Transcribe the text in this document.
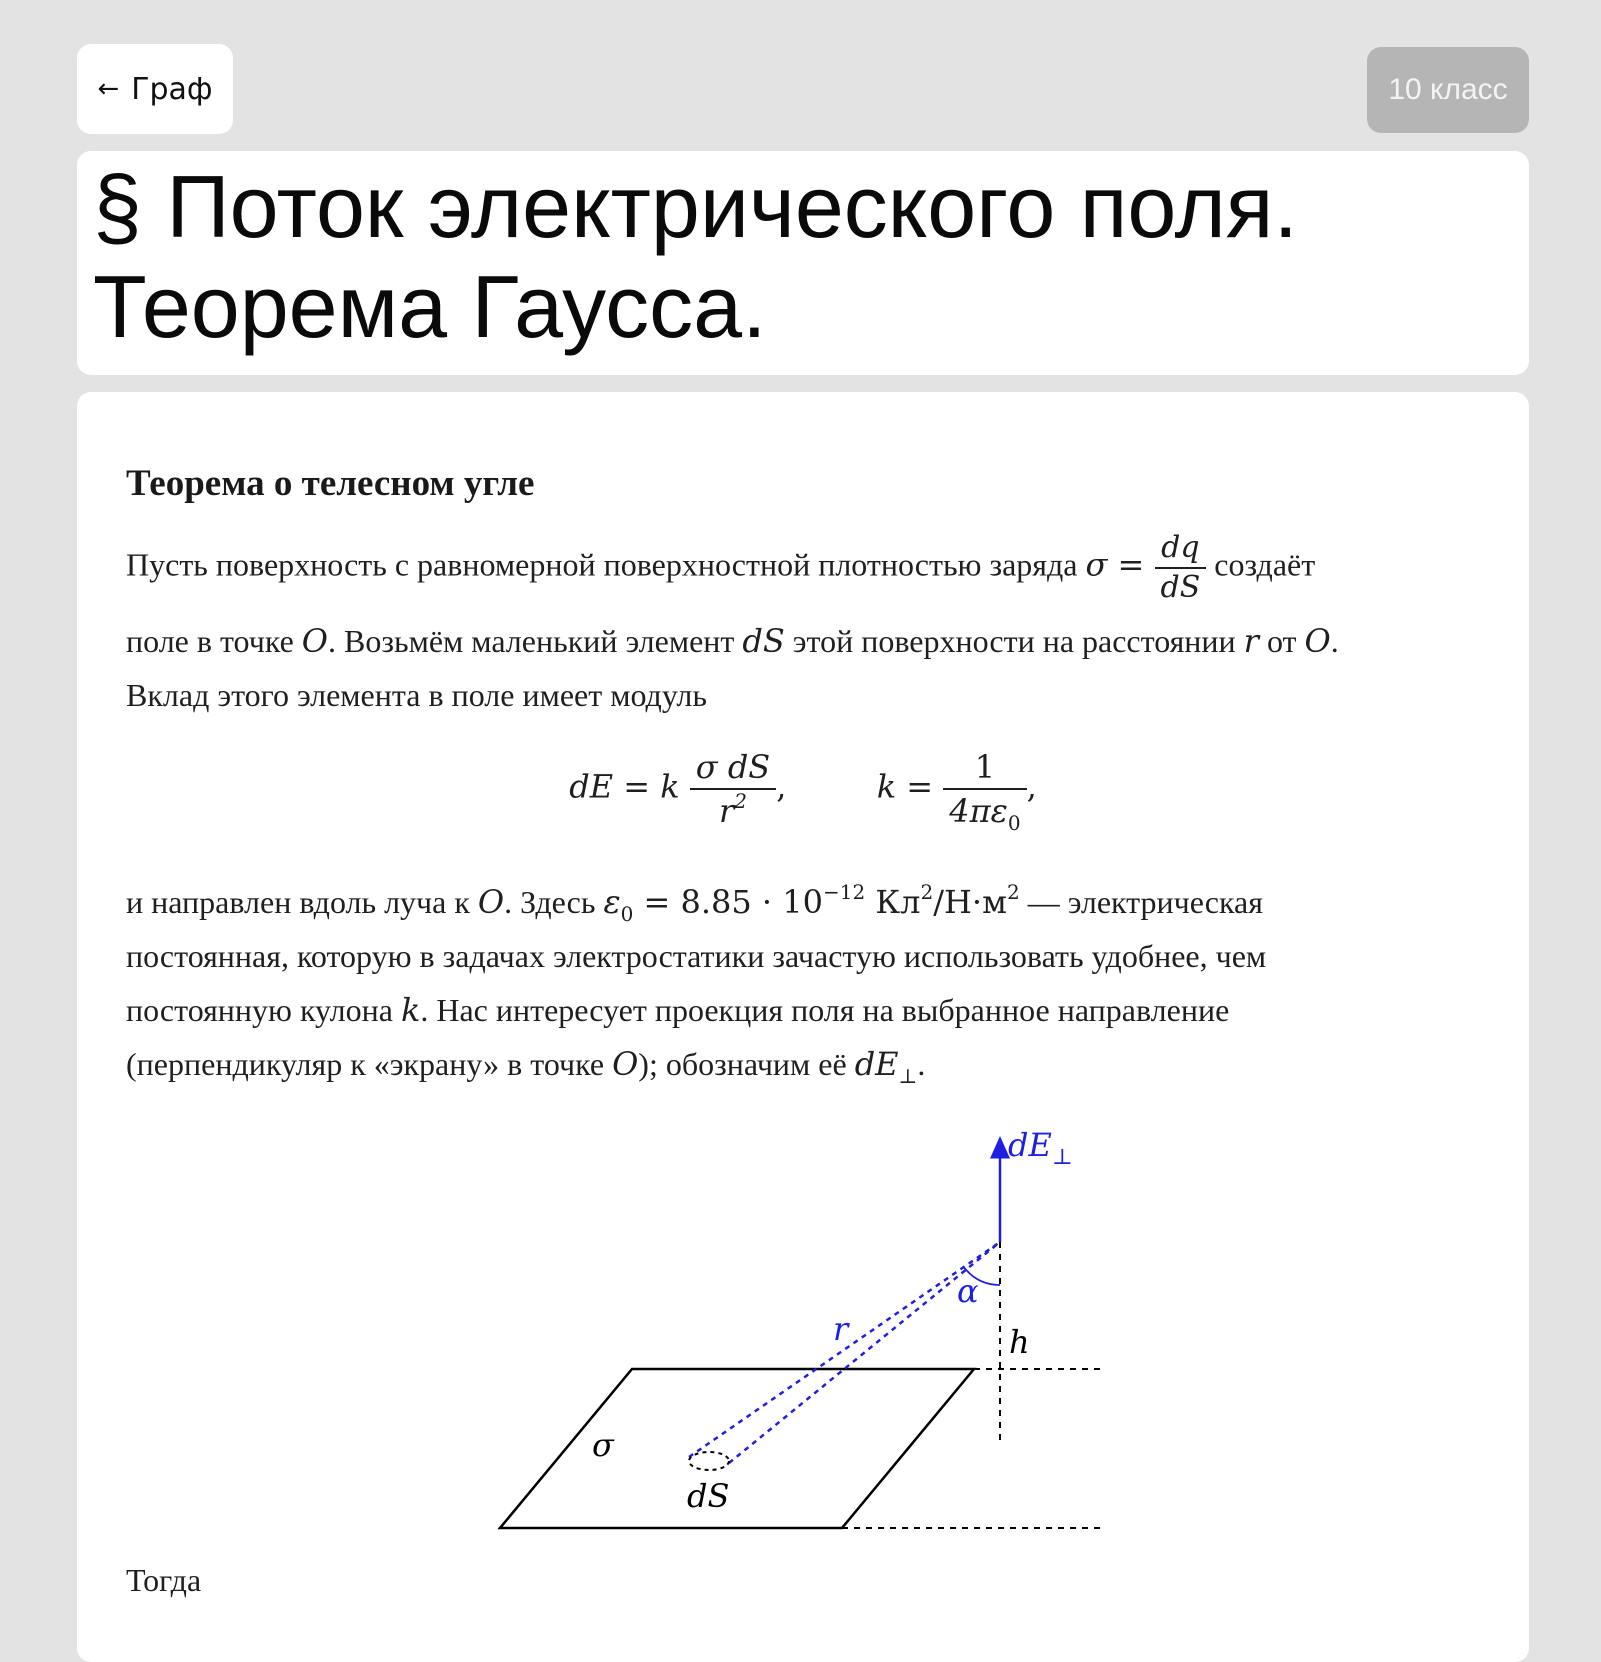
← Граф	10 класс
§ Поток электрического поля.
Теорема Гаусса.
Теорема о телесном угле

Пусть поверхность с равномерной поверхностной плотностью заряда $\sigma = \frac{dq}{dS}$ создаёт

поле в точке O. Возьмём маленький элемент dS этой поверхности на расстоянии r от O.

Вклад этого элемента в поле имеет модуль

dE = k $\frac{\text{σ dS}}{r^2}$ ,	$k = \frac{1}{4\pi\varepsilon_0}$ ,

и направлен вдоль луча к O. Здесь $\varepsilon_0 = 8.85 \cdot 10^{-12}$ $Кл^2/Н\cdot м^2$ — электрическая

постоянная, которую в задачах электростатики зачастую использовать удобнее, чем

постоянную кулона k. Нас интересует проекция поля на выбранное направление

(перпендикуляр к «экрану» в точке O); обозначим её $dE_\perp$.

$dE_\perp$
α
r	h
σ
dS

Тогда
